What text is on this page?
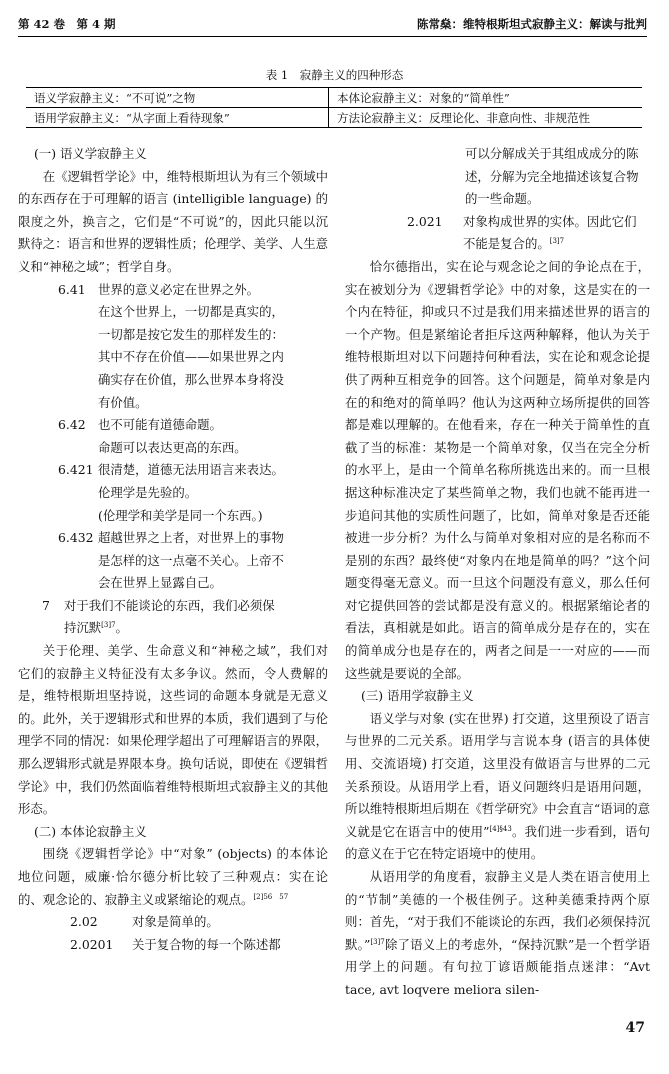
第 42 卷　第 4 期	陈常燊：维特根斯坦式寂静主义：解读与批判
表 1　寂静主义的四种形态
语义学寂静主义：“不可说”之物	本体论寂静主义：对象的“简单性”
语用学寂静主义：“从字面上看待现象”	方法论寂静主义：反理论化、非意向性、非规范性

(一) 语义学寂静主义

在《逻辑哲学论》中，维特根斯坦认为有三个领域中的东西存在于可理解的语言 (intelligible language) 的限度之外，换言之，它们是“不可说”的，因此只能以沉默待之：语言和世界的逻辑性质；伦理学、美学、人生意义和“神秘之域”；哲学自身。

6.41	世界的意义必定在世界之外。
在这个世界上，一切都是真实的，一切都是按它发生的那样发生的：其中不存在价值——如果世界之内确实存在价值，那么世界本身将没有价值。
6.42	也不可能有道德命题。
命题可以表达更高的东西。
6.421 很清楚，道德无法用语言来表达。
伦理学是先验的。
(伦理学和美学是同一个东西。)
6.432 超越世界之上者，对世界上的事物是怎样的这一点毫不关心。上帝不会在世界上显露自己。
7	对于我们不能谈论的东西，我们必须保持沉默$^{[3]7}$。

关于伦理、美学、生命意义和“神秘之域”，我们对它们的寂静主义特征没有太多争议。然而，令人费解的是，维特根斯坦坚持说，这些词的命题本身就是无意义的。此外，关于逻辑形式和世界的本质，我们遇到了与伦理学不同的情况：如果伦理学超出了可理解语言的界限，那么逻辑形式就是界限本身。换句话说，即使在《逻辑哲学论》中，我们仍然面临着维特根斯坦式寂静主义的其他形态。

(二) 本体论寂静主义

围绕《逻辑哲学论》中“对象” (objects) 的本体论地位问题，威廉·恰尔德分析比较了三种观点：实在论的、观念论的、寂静主义或紧缩论的观点。$^{[2]56 57}$

2.02	对象是简单的。
2.0201	关于复合物的每一个陈述都

可以分解成关于其组成成分的陈述，分解为完全地描述该复合物的一些命题。

2.021	对象构成世界的实体。因此它们不能是复合的。$^{[3]7}$

恰尔德指出，实在论与观念论之间的争论点在于，实在被划分为《逻辑哲学论》中的对象，这是实在的一个内在特征，抑或只不过是我们用来描述世界的语言的一个产物。但是紧缩论者拒斥这两种解释，他认为关于维特根斯坦对以下问题持何种看法，实在论和观念论提供了两种互相竞争的回答。这个问题是，简单对象是内在的和绝对的简单吗？他认为这两种立场所提供的回答都是难以理解的。在他看来，存在一种关于简单性的直截了当的标准：某物是一个简单对象，仅当在完全分析的水平上，是由一个简单名称所挑选出来的。而一旦根据这种标准决定了某些简单之物，我们也就不能再进一步追问其他的实质性问题了，比如，简单对象是否还能被进一步分析？为什么与简单对象相对应的是名称而不是别的东西？最终使“对象内在地是简单的吗？”这个问题变得毫无意义。而一旦这个问题没有意义，那么任何对它提供回答的尝试都是没有意义的。根据紧缩论者的看法，真相就是如此。语言的简单成分是存在的，实在的简单成分也是存在的，两者之间是一一对应的——而这些就是要说的全部。

(三) 语用学寂静主义

语义学与对象 (实在世界) 打交道，这里预设了语言与世界的二元关系。语用学与言说本身 (语言的具体使用、交流语境) 打交道，这里没有做语言与世界的二元关系预设。从语用学上看，语义问题终归是语用问题，所以维特根斯坦后期在《哲学研究》中会直言“语词的意义就是它在语言中的使用”$^{[4]\S 43}$。我们进一步看到，语句的意义在于它在特定语境中的使用。

从语用学的角度看，寂静主义是人类在语言使用上的“节制”美德的一个极佳例子。这种美德秉持两个原则：首先，“对于我们不能谈论的东西，我们必须保持沉默。”$^{[3]7}$除了语义上的考虑外，“保持沉默”是一个哲学语用学上的问题。有句拉丁谚语颇能指点迷津：“Avt tace, avt loqvere meliora silen-

47
